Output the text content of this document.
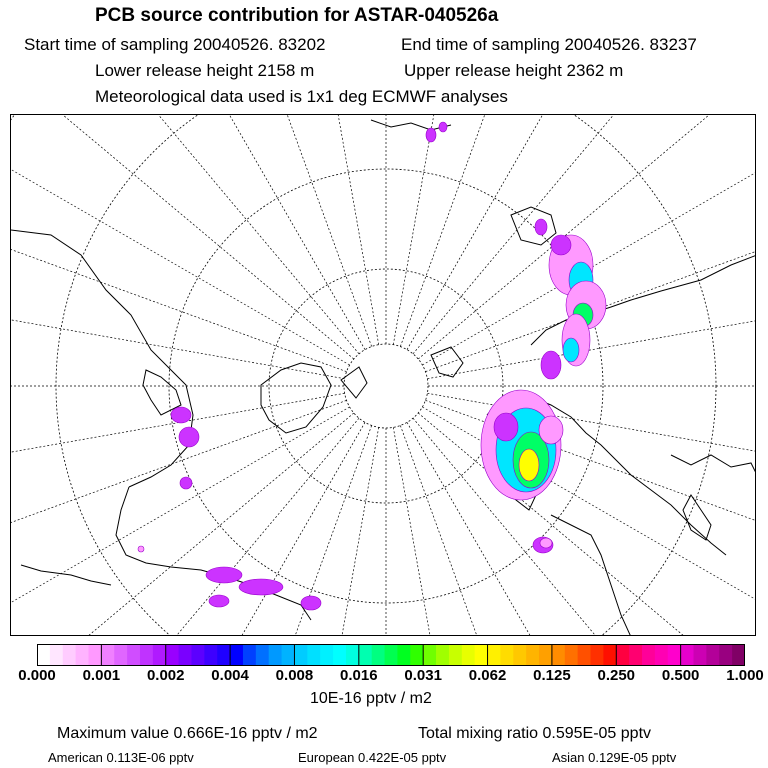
PCB source contribution for ASTAR-040526a
Start time of sampling 20040526. 83202	End time of sampling 20040526. 83237
Lower release height 2158 m	Upper release height 2362 m
Meteorological data used is 1x1 deg ECMWF analyses
0.000 0.001 0.002 0.004 0.008 0.016 0.031 0.062 0.125 0.250 0.500 1.000
10E-16 pptv / m2
Maximum value 0.666E-16 pptv / m2	Total mixing ratio 0.595E-05 pptv
American 0.113E-06 pptv	European 0.422E-05 pptv	Asian 0.129E-05 pptv
